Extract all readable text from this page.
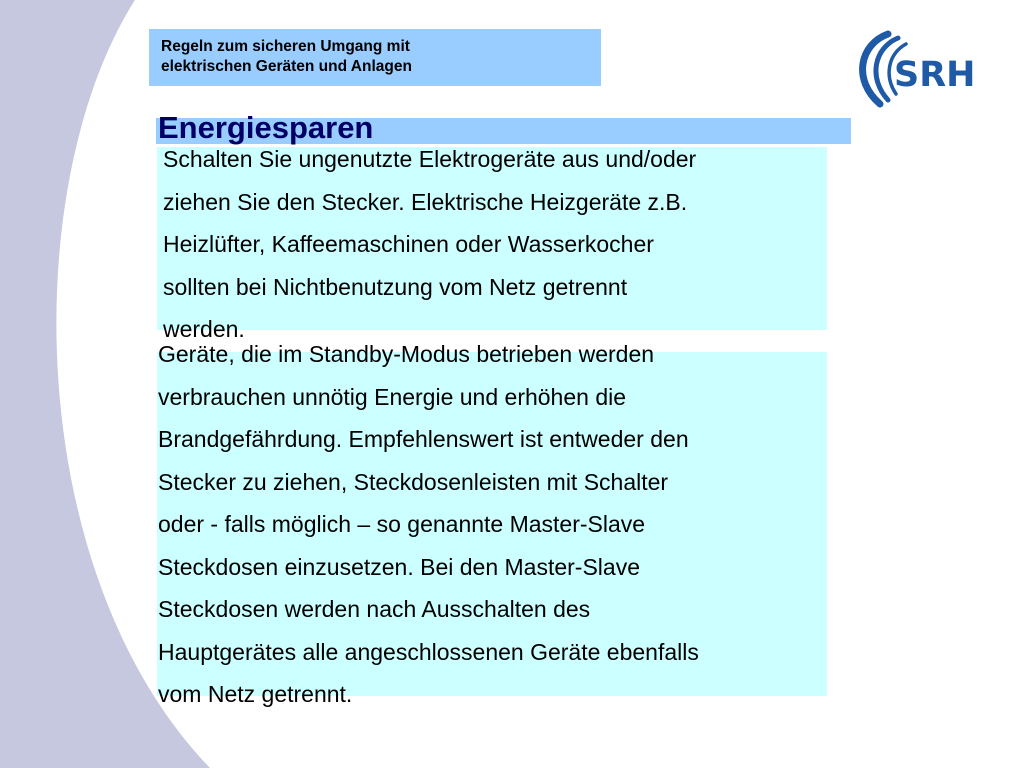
Regeln zum sicheren Umgang mit
elektrischen Geräten und Anlagen	SRH
Energiesparen

Schalten Sie ungenutzte Elektrogeräte aus und/oder
ziehen Sie den Stecker. Elektrische Heizgeräte z.B.
Heizlüfter, Kaffeemaschinen oder Wasserkocher
sollten bei Nichtbenutzung vom Netz getrennt
werden.

Geräte, die im Standby-Modus betrieben werden
verbrauchen unnötig Energie und erhöhen die
Brandgefährdung. Empfehlenswert ist entweder den
Stecker zu ziehen, Steckdosenleisten mit Schalter
oder - falls möglich – so genannte Master-Slave
Steckdosen einzusetzen. Bei den Master-Slave
Steckdosen werden nach Ausschalten des
Hauptgerätes alle angeschlossenen Geräte ebenfalls
vom Netz getrennt.
